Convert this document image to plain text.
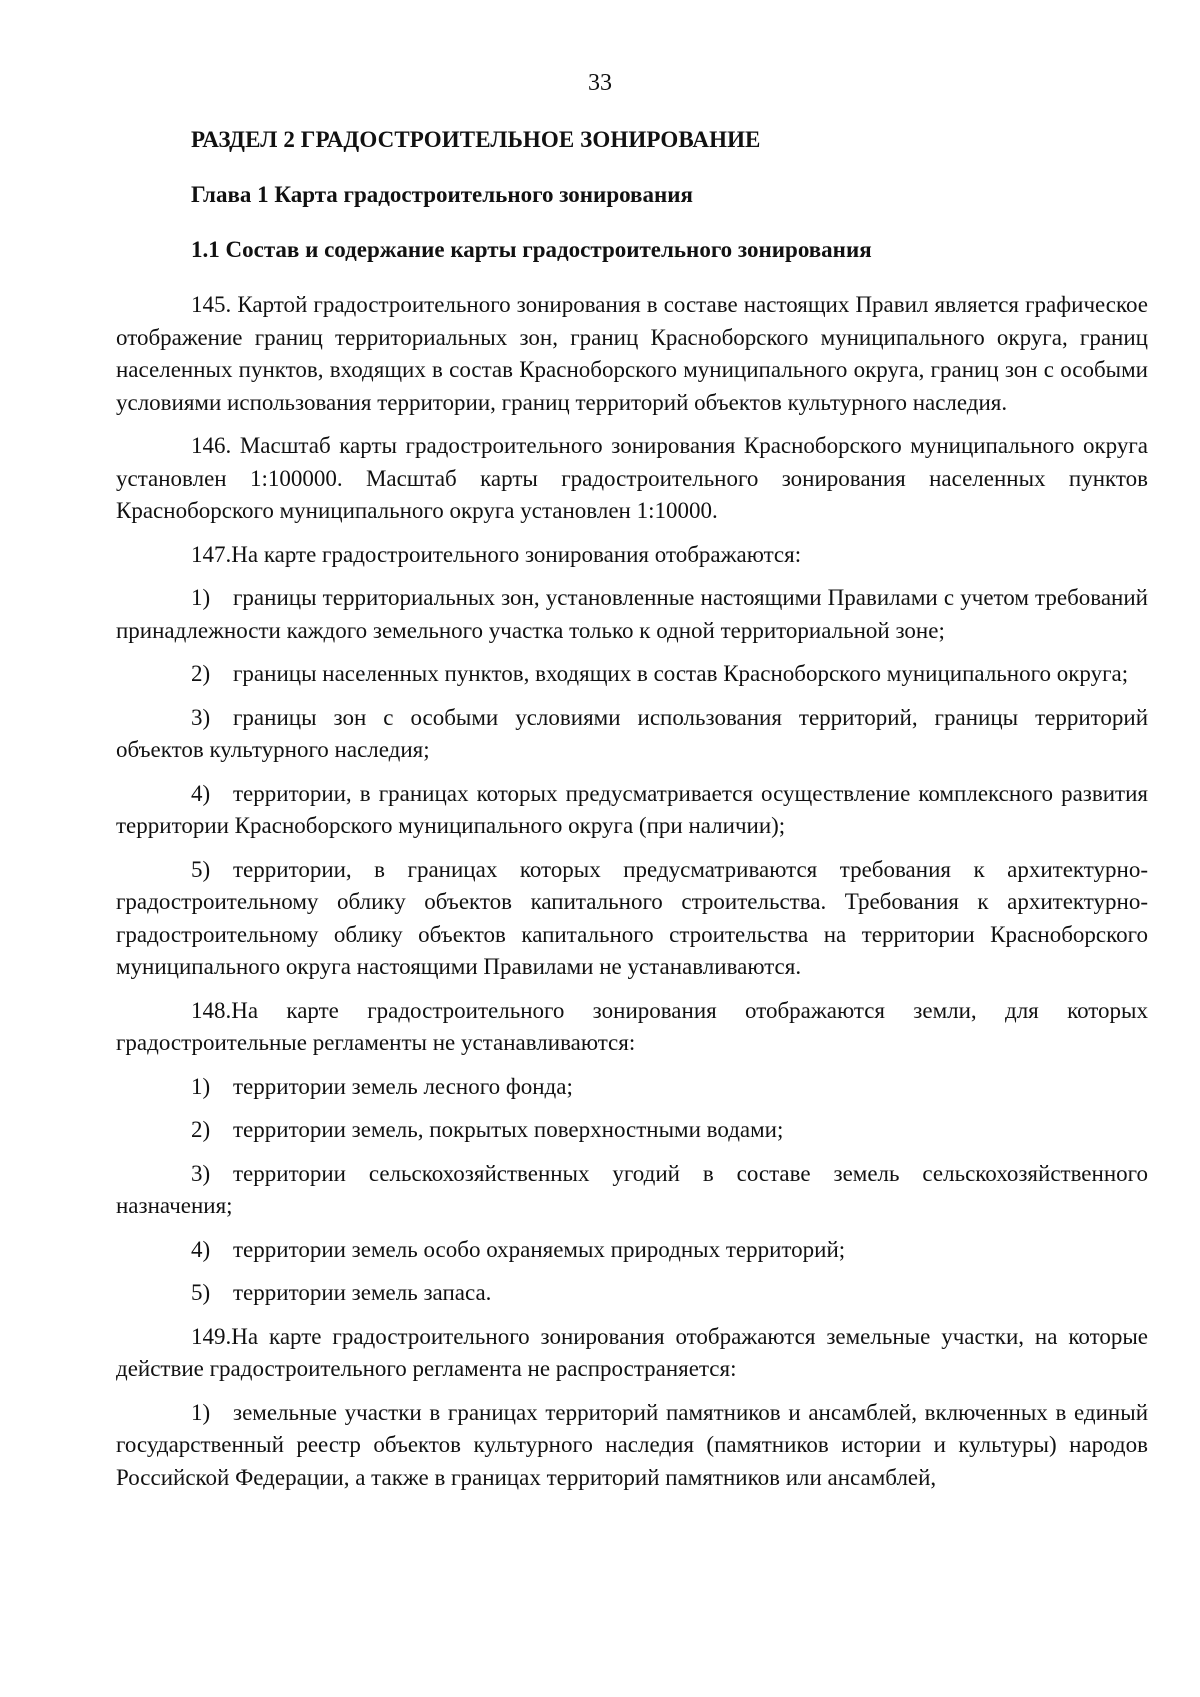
33
РАЗДЕЛ 2 ГРАДОСТРОИТЕЛЬНОЕ ЗОНИРОВАНИЕ
Глава 1 Карта градостроительного зонирования
1.1 Состав и содержание карты градостроительного зонирования
145. Картой градостроительного зонирования в составе настоящих Правил является графическое отображение границ территориальных зон, границ Красноборского муниципального округа, границ населенных пунктов, входящих в состав Красноборского муниципального округа, границ зон с особыми условиями использования территории, границ территорий объектов культурного наследия.
146. Масштаб карты градостроительного зонирования Красноборского муниципального округа установлен 1:100000. Масштаб карты градостроительного зонирования населенных пунктов Красноборского муниципального округа установлен 1:10000.
147.На карте градостроительного зонирования отображаются:
1) границы территориальных зон, установленные настоящими Правилами с учетом требований принадлежности каждого земельного участка только к одной территориальной зоне;
2) границы населенных пунктов, входящих в состав Красноборского муниципального округа;
3) границы зон с особыми условиями использования территорий, границы территорий объектов культурного наследия;
4) территории, в границах которых предусматривается осуществление комплексного развития территории Красноборского муниципального округа (при наличии);
5) территории, в границах которых предусматриваются требования к архитектурно-градостроительному облику объектов капитального строительства. Требования к архитектурно-градостроительному облику объектов капитального строительства на территории Красноборского муниципального округа настоящими Правилами не устанавливаются.
148.На карте градостроительного зонирования отображаются земли, для которых градостроительные регламенты не устанавливаются:
1) территории земель лесного фонда;
2) территории земель, покрытых поверхностными водами;
3) территории сельскохозяйственных угодий в составе земель сельскохозяйственного назначения;
4) территории земель особо охраняемых природных территорий;
5) территории земель запаса.
149.На карте градостроительного зонирования отображаются земельные участки, на которые действие градостроительного регламента не распространяется:
1) земельные участки в границах территорий памятников и ансамблей, включенных в единый государственный реестр объектов культурного наследия (памятников истории и культуры) народов Российской Федерации, а также в границах территорий памятников или ансамблей,
